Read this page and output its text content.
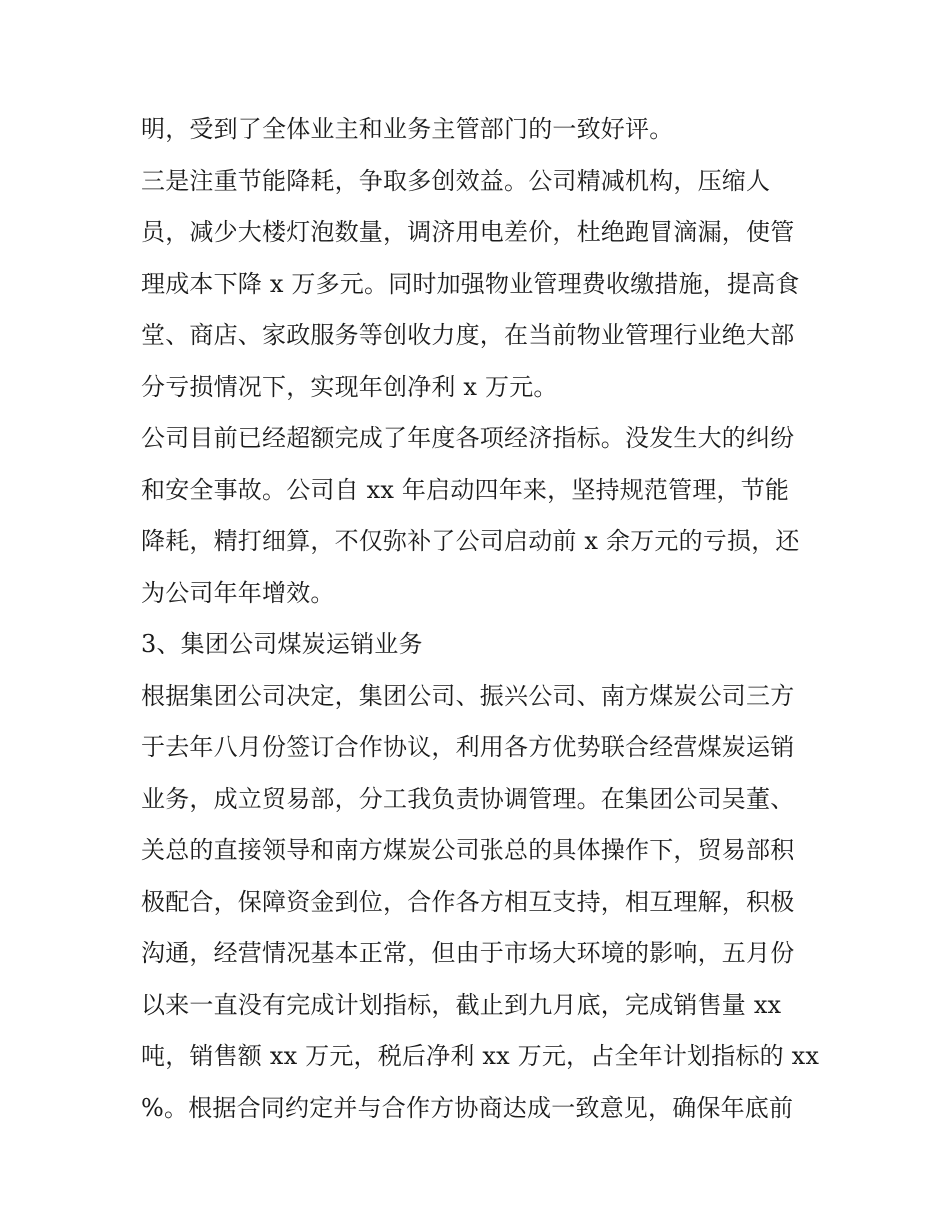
明，受到了全体业主和业务主管部门的一致好评。
三是注重节能降耗，争取多创效益。公司精减机构，压缩人
员，减少大楼灯泡数量，调济用电差价，杜绝跑冒滴漏，使管
理成本下降 x 万多元。同时加强物业管理费收缴措施，提高食
堂、商店、家政服务等创收力度，在当前物业管理行业绝大部
分亏损情况下，实现年创净利 x 万元。
公司目前已经超额完成了年度各项经济指标。没发生大的纠纷
和安全事故。公司自 xx 年启动四年来，坚持规范管理，节能
降耗，精打细算，不仅弥补了公司启动前 x 余万元的亏损，还
为公司年年增效。
3、集团公司煤炭运销业务
根据集团公司决定，集团公司、振兴公司、南方煤炭公司三方
于去年八月份签订合作协议，利用各方优势联合经营煤炭运销
业务，成立贸易部，分工我负责协调管理。在集团公司吴董、
关总的直接领导和南方煤炭公司张总的具体操作下，贸易部积
极配合，保障资金到位，合作各方相互支持，相互理解，积极
沟通，经营情况基本正常，但由于市场大环境的影响，五月份
以来一直没有完成计划指标，截止到九月底，完成销售量 xx
吨，销售额 xx 万元，税后净利 xx 万元，占全年计划指标的 xx
%。根据合同约定并与合作方协商达成一致意见，确保年底前
